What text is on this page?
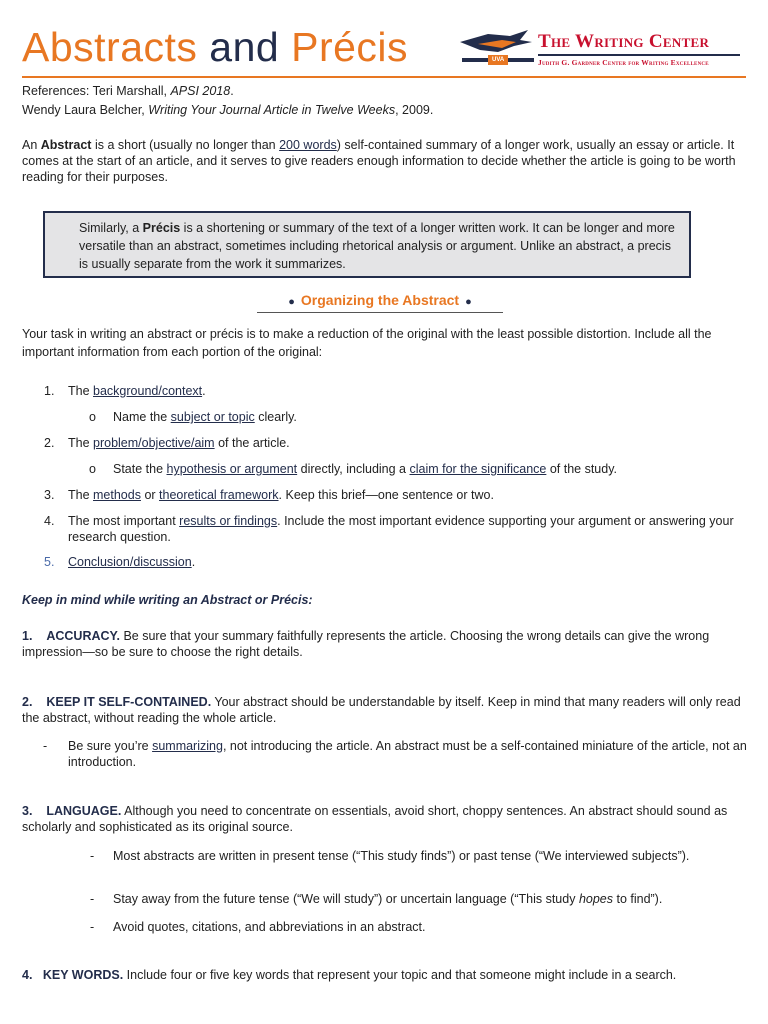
Abstracts and Précis	UVA
The Writing Center
Judith G. Gardner Center for Writing Excellence

References: Teri Marshall, APSI 2018.

Wendy Laura Belcher, Writing Your Journal Article in Twelve Weeks, 2009.

An Abstract is a short (usually no longer than 200 words) self-contained summary of a longer work, usually an essay or article. It comes at the start of an article, and it serves to give readers enough information to decide whether the article is going to be worth reading for their purposes.

Similarly, a Précis is a shortening or summary of the text of a longer written work. It can be longer and more versatile than an abstract, sometimes including rhetorical analysis or argument. Unlike an abstract, a precis is usually separate from the work it summarizes.

● Organizing the Abstract ●

Your task in writing an abstract or précis is to make a reduction of the original with the least possible distortion. Include all the important information from each portion of the original:

1.	The background/context.

o	Name the subject or topic clearly.

2.	The problem/objective/aim of the article.

o	State the hypothesis or argument directly, including a claim for the significance of the study.

3.	The methods or theoretical framework. Keep this brief—one sentence or two.

4.	The most important results or findings. Include the most important evidence supporting your argument or answering your research question.

5.	Conclusion/discussion.

Keep in mind while writing an Abstract or Précis:

1. ACCURACY. Be sure that your summary faithfully represents the article. Choosing the wrong details can give the wrong impression—so be sure to choose the right details.

2. KEEP IT SELF-CONTAINED. Your abstract should be understandable by itself. Keep in mind that many readers will only read the abstract, without reading the whole article.

-	Be sure you’re summarizing, not introducing the article. An abstract must be a self-contained miniature of the article, not an introduction.

3. LANGUAGE. Although you need to concentrate on essentials, avoid short, choppy sentences. An abstract should sound as scholarly and sophisticated as its original source.

-	Most abstracts are written in present tense (“This study finds”) or past tense (“We interviewed subjects”).

-	Stay away from the future tense (“We will study”) or uncertain language (“This study hopes to find”).

-	Avoid quotes, citations, and abbreviations in an abstract.

4. KEY WORDS. Include four or five key words that represent your topic and that someone might include in a search.
